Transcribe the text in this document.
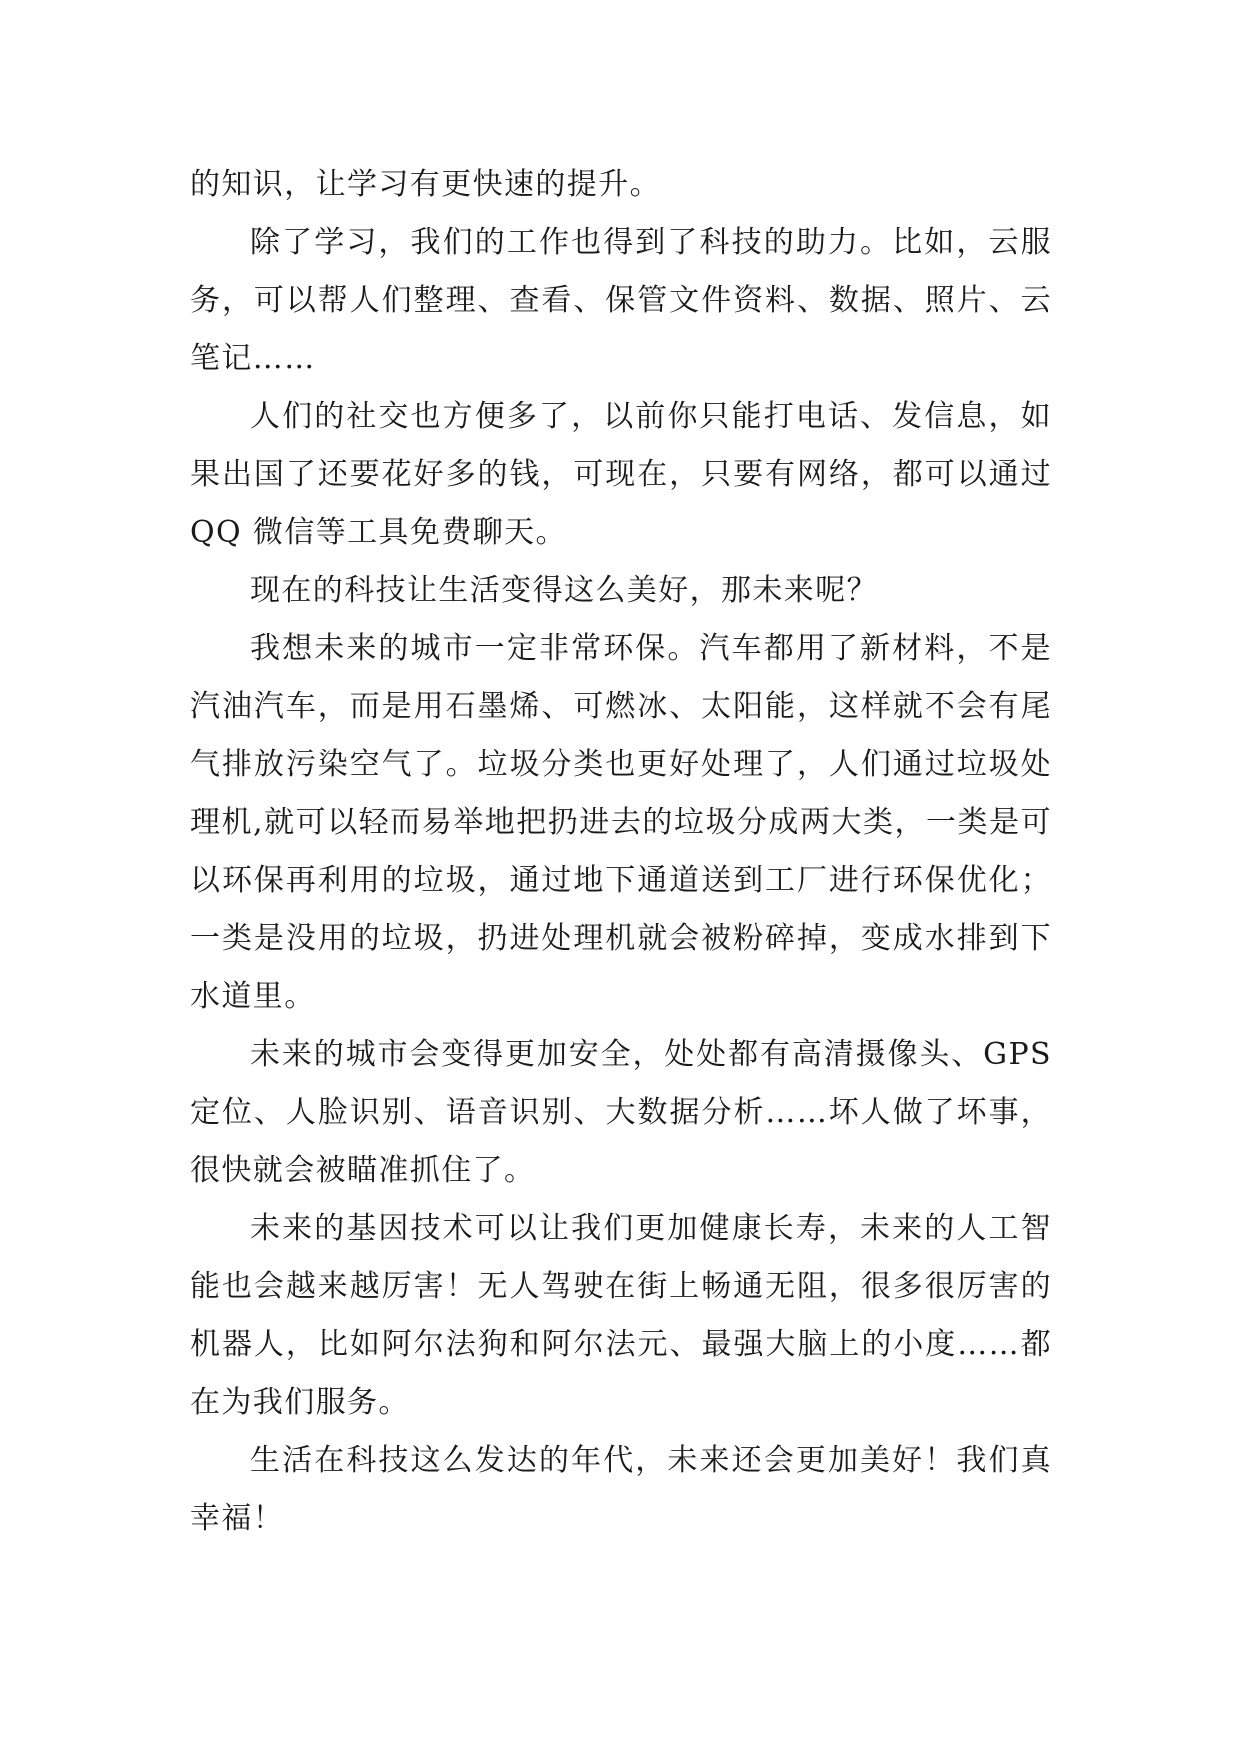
的知识，让学习有更快速的提升。

除了学习，我们的工作也得到了科技的助力。比如，云服务，可以帮人们整理、查看、保管文件资料、数据、照片、云笔记……

人们的社交也方便多了，以前你只能打电话、发信息，如果出国了还要花好多的钱，可现在，只要有网络，都可以通过 QQ 微信等工具免费聊天。

现在的科技让生活变得这么美好，那未来呢？

我想未来的城市一定非常环保。汽车都用了新材料，不是汽油汽车，而是用石墨烯、可燃冰、太阳能，这样就不会有尾气排放污染空气了。垃圾分类也更好处理了，人们通过垃圾处理机,就可以轻而易举地把扔进去的垃圾分成两大类，一类是可以环保再利用的垃圾，通过地下通道送到工厂进行环保优化；一类是没用的垃圾，扔进处理机就会被粉碎掉，变成水排到下水道里。

未来的城市会变得更加安全，处处都有高清摄像头、GPS定位、人脸识别、语音识别、大数据分析……坏人做了坏事，很快就会被瞄准抓住了。

未来的基因技术可以让我们更加健康长寿，未来的人工智能也会越来越厉害！无人驾驶在街上畅通无阻，很多很厉害的机器人，比如阿尔法狗和阿尔法元、最强大脑上的小度……都在为我们服务。

生活在科技这么发达的年代，未来还会更加美好！我们真幸福！
